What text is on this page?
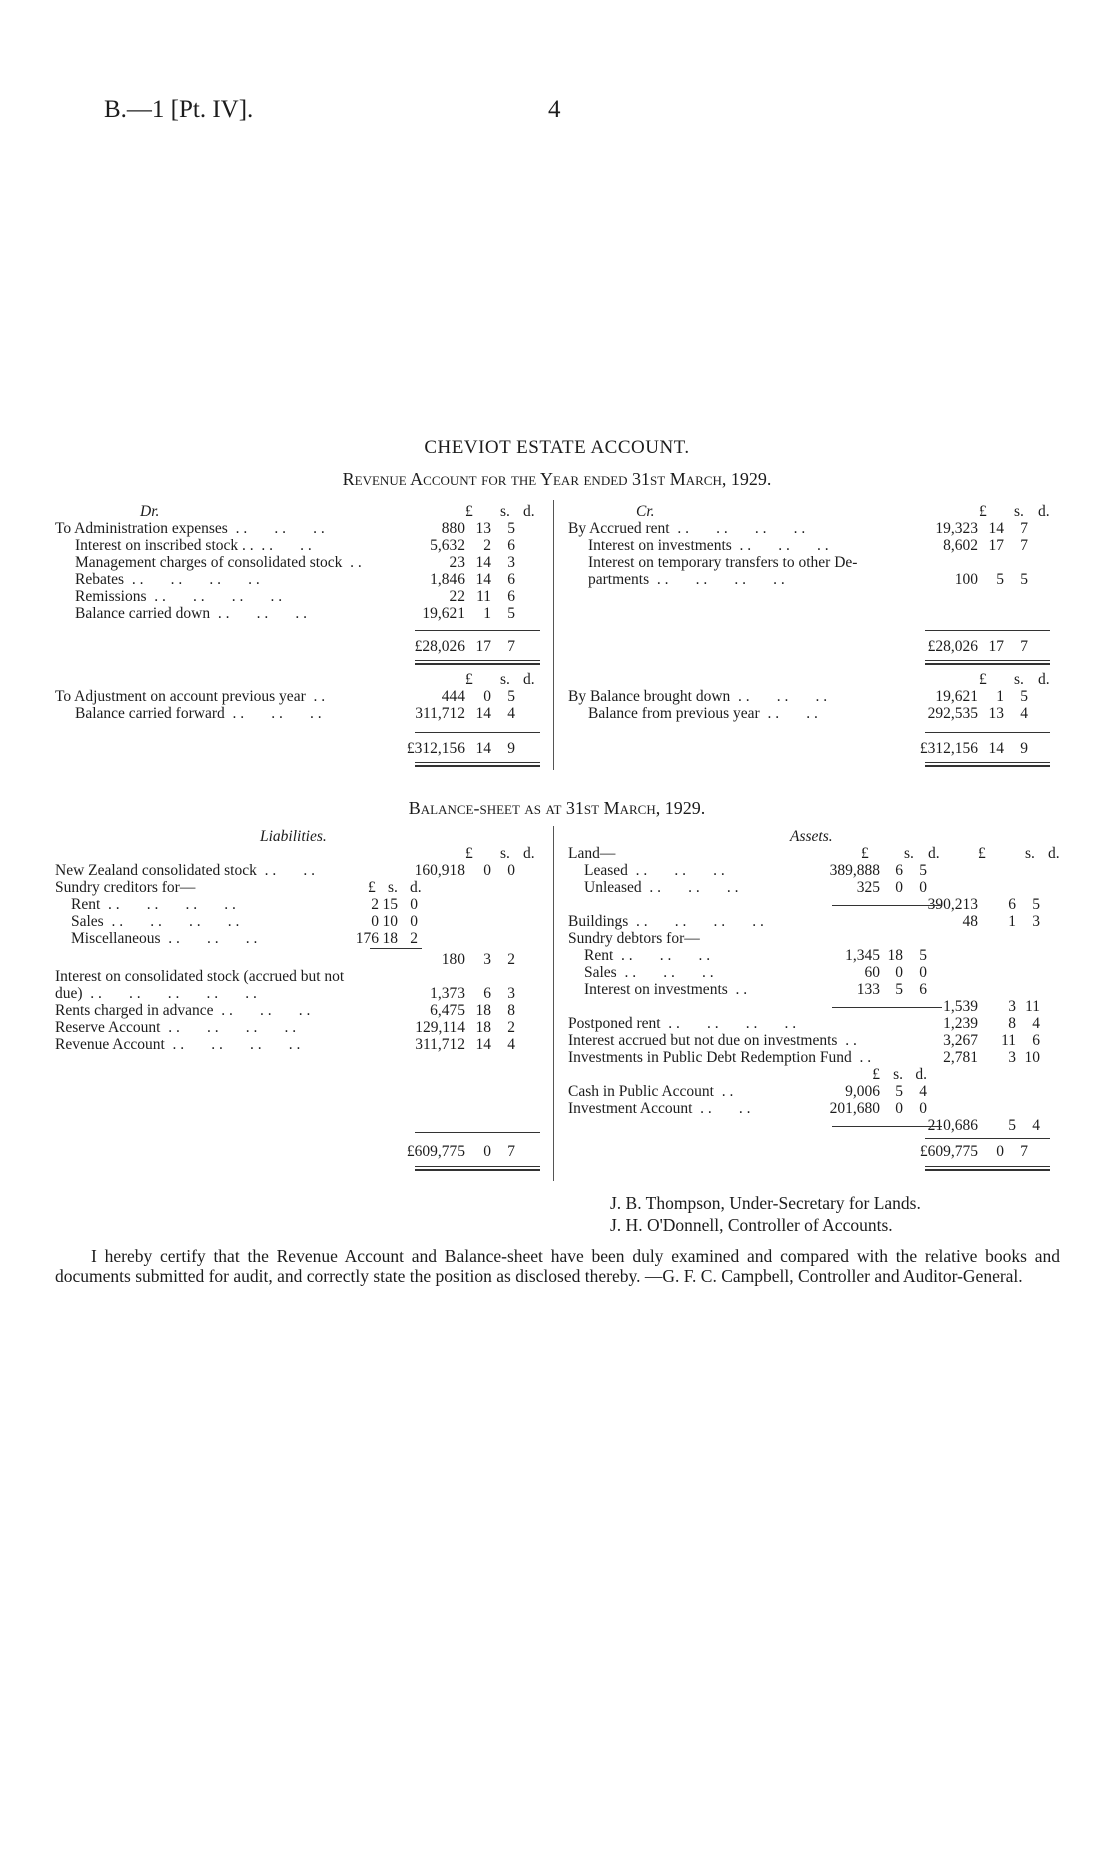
B.—1 [Pt. IV].	4
CHEVIOT ESTATE ACCOUNT.
Revenue Account for the Year ended 31st March, 1929.
Dr.	£ s. d.
To Administration expenses  . .       . .       . .	880 13 5
Interest on inscribed stock . .  . .       . .	5,632 2 6
Management charges of consolidated stock  . .	23 14 3
Rebates  . .       . .       . .       . .	1,846 14 6
Remissions  . .       . .       . .       . .	22 11 6
Balance carried down  . .       . .       . .	19,621 1 5
£28,026 17 7
£ s. d.
To Adjustment on account previous year  . .	444 0 5
Balance carried forward  . .       . .       . .	311,712 14 4
£312,156 14 9
Cr.	£ s. d.
By Accrued rent  . .       . .       . .       . .	19,323 14 7
Interest on investments  . .       . .       . .	8,602 17 7
Interest on temporary transfers to other De-
partments  . .       . .       . .       . .	100 5 5
£28,026 17 7
£ s. d.
By Balance brought down  . .       . .       . .	19,621 1 5
Balance from previous year  . .       . .	292,535 13 4
£312,156 14 9
Balance-sheet as at 31st March, 1929.
Liabilities.
£ s. d.
£ s. d.
New Zealand consolidated stock  . .       . .	160,918 0 0
Sundry creditors for—
Rent  . .       . .       . .       . .	2 15 0
Sales  . .       . .       . .       . .	0 10 0
Miscellaneous  . .       . .       . .	176 18 2
180 3 2
Interest on consolidated stock (accrued but not
due)  . .       . .       . .       . .       . .	1,373 6 3
Rents charged in advance  . .       . .       . .	6,475 18 8
Reserve Account  . .       . .       . .       . .	129,114 18 2
Revenue Account  . .       . .       . .       . .	311,712 14 4
£609,775 0 7
Assets.
£ s. d. £	s. d.
Land—
Leased  . .       . .       . .	389,888 6 5
Unleased  . .       . .       . .	325 0 0
390,213 6 5
Buildings  . .       . .       . .       . .	48 1 3
Sundry debtors for—
Rent  . .       . .       . .	1,345 18 5
Sales  . .       . .       . .	60 0 0
Interest on investments  . .	133 5 6
1,539 3 11
Postponed rent  . .       . .       . .       . .	1,239 8 4
Interest accrued but not due on investments  . .	3,267 11 6
Investments in Public Debt Redemption Fund  . .	2,781 3 10
£ s. d.
Cash in Public Account  . .	9,006 5 4
Investment Account  . .       . .	201,680 0 0
210,686 5 4
£609,775 0 7
J. B. Thompson, Under-Secretary for Lands.
J. H. O'Donnell, Controller of Accounts.
I hereby certify that the Revenue Account and Balance-sheet have been duly examined and compared with the relative books and documents submitted for audit, and correctly state the position as disclosed thereby. —G. F. C. Campbell, Controller and Auditor-General.
